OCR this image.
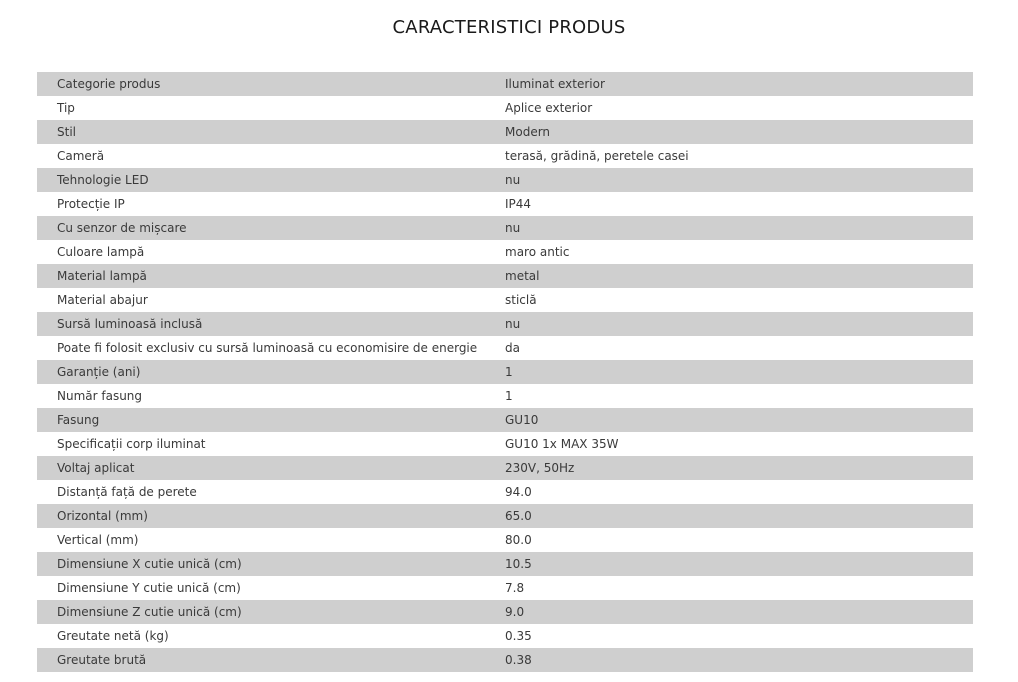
CARACTERISTICI PRODUS
Categorie produs	Iluminat exterior
Tip	Aplice exterior
Stil	Modern
Cameră	terasă, grădină, peretele casei
Tehnologie LED	nu
Protecție IP	IP44
Cu senzor de mișcare	nu
Culoare lampă	maro antic
Material lampă	metal
Material abajur	sticlă
Sursă luminoasă inclusă	nu
Poate fi folosit exclusiv cu sursă luminoasă cu economisire de energie	da
Garanție (ani)	1
Număr fasung	1
Fasung	GU10
Specificații corp iluminat	GU10 1x MAX 35W
Voltaj aplicat	230V, 50Hz
Distanță față de perete	94.0
Orizontal (mm)	65.0
Vertical (mm)	80.0
Dimensiune X cutie unică (cm)	10.5
Dimensiune Y cutie unică (cm)	7.8
Dimensiune Z cutie unică (cm)	9.0
Greutate netă (kg)	0.35
Greutate brută	0.38
